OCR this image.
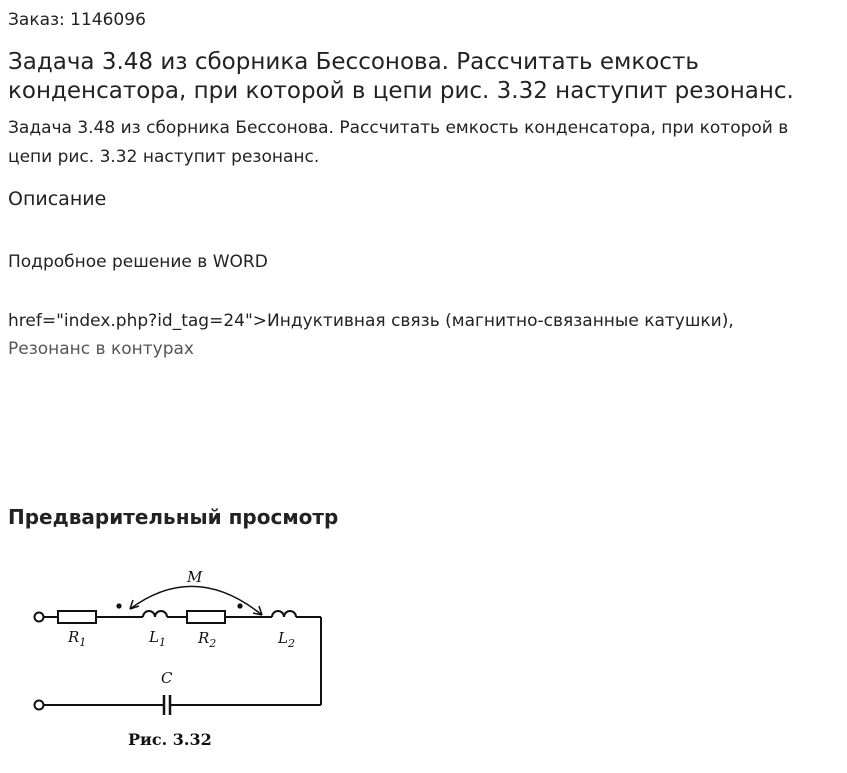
Заказ: 1146096
Задача 3.48 из сборника Бессонова. Рассчитать емкость конденсатора, при которой в цепи рис. 3.32 наступит резонанс.

Задача 3.48 из сборника Бессонова. Рассчитать емкость конденсатора, при которой в цепи рис. 3.32 наступит резонанс.

Описание
Подробное решение в WORD
href="index.php?id_tag=24">Индуктивная связь (магнитно-связанные катушки),
Резонанс в контурах
Предварительный просмотр
M
$R_1$	$L_1$ $R_2$	$L_2$
C
Рис. 3.32
